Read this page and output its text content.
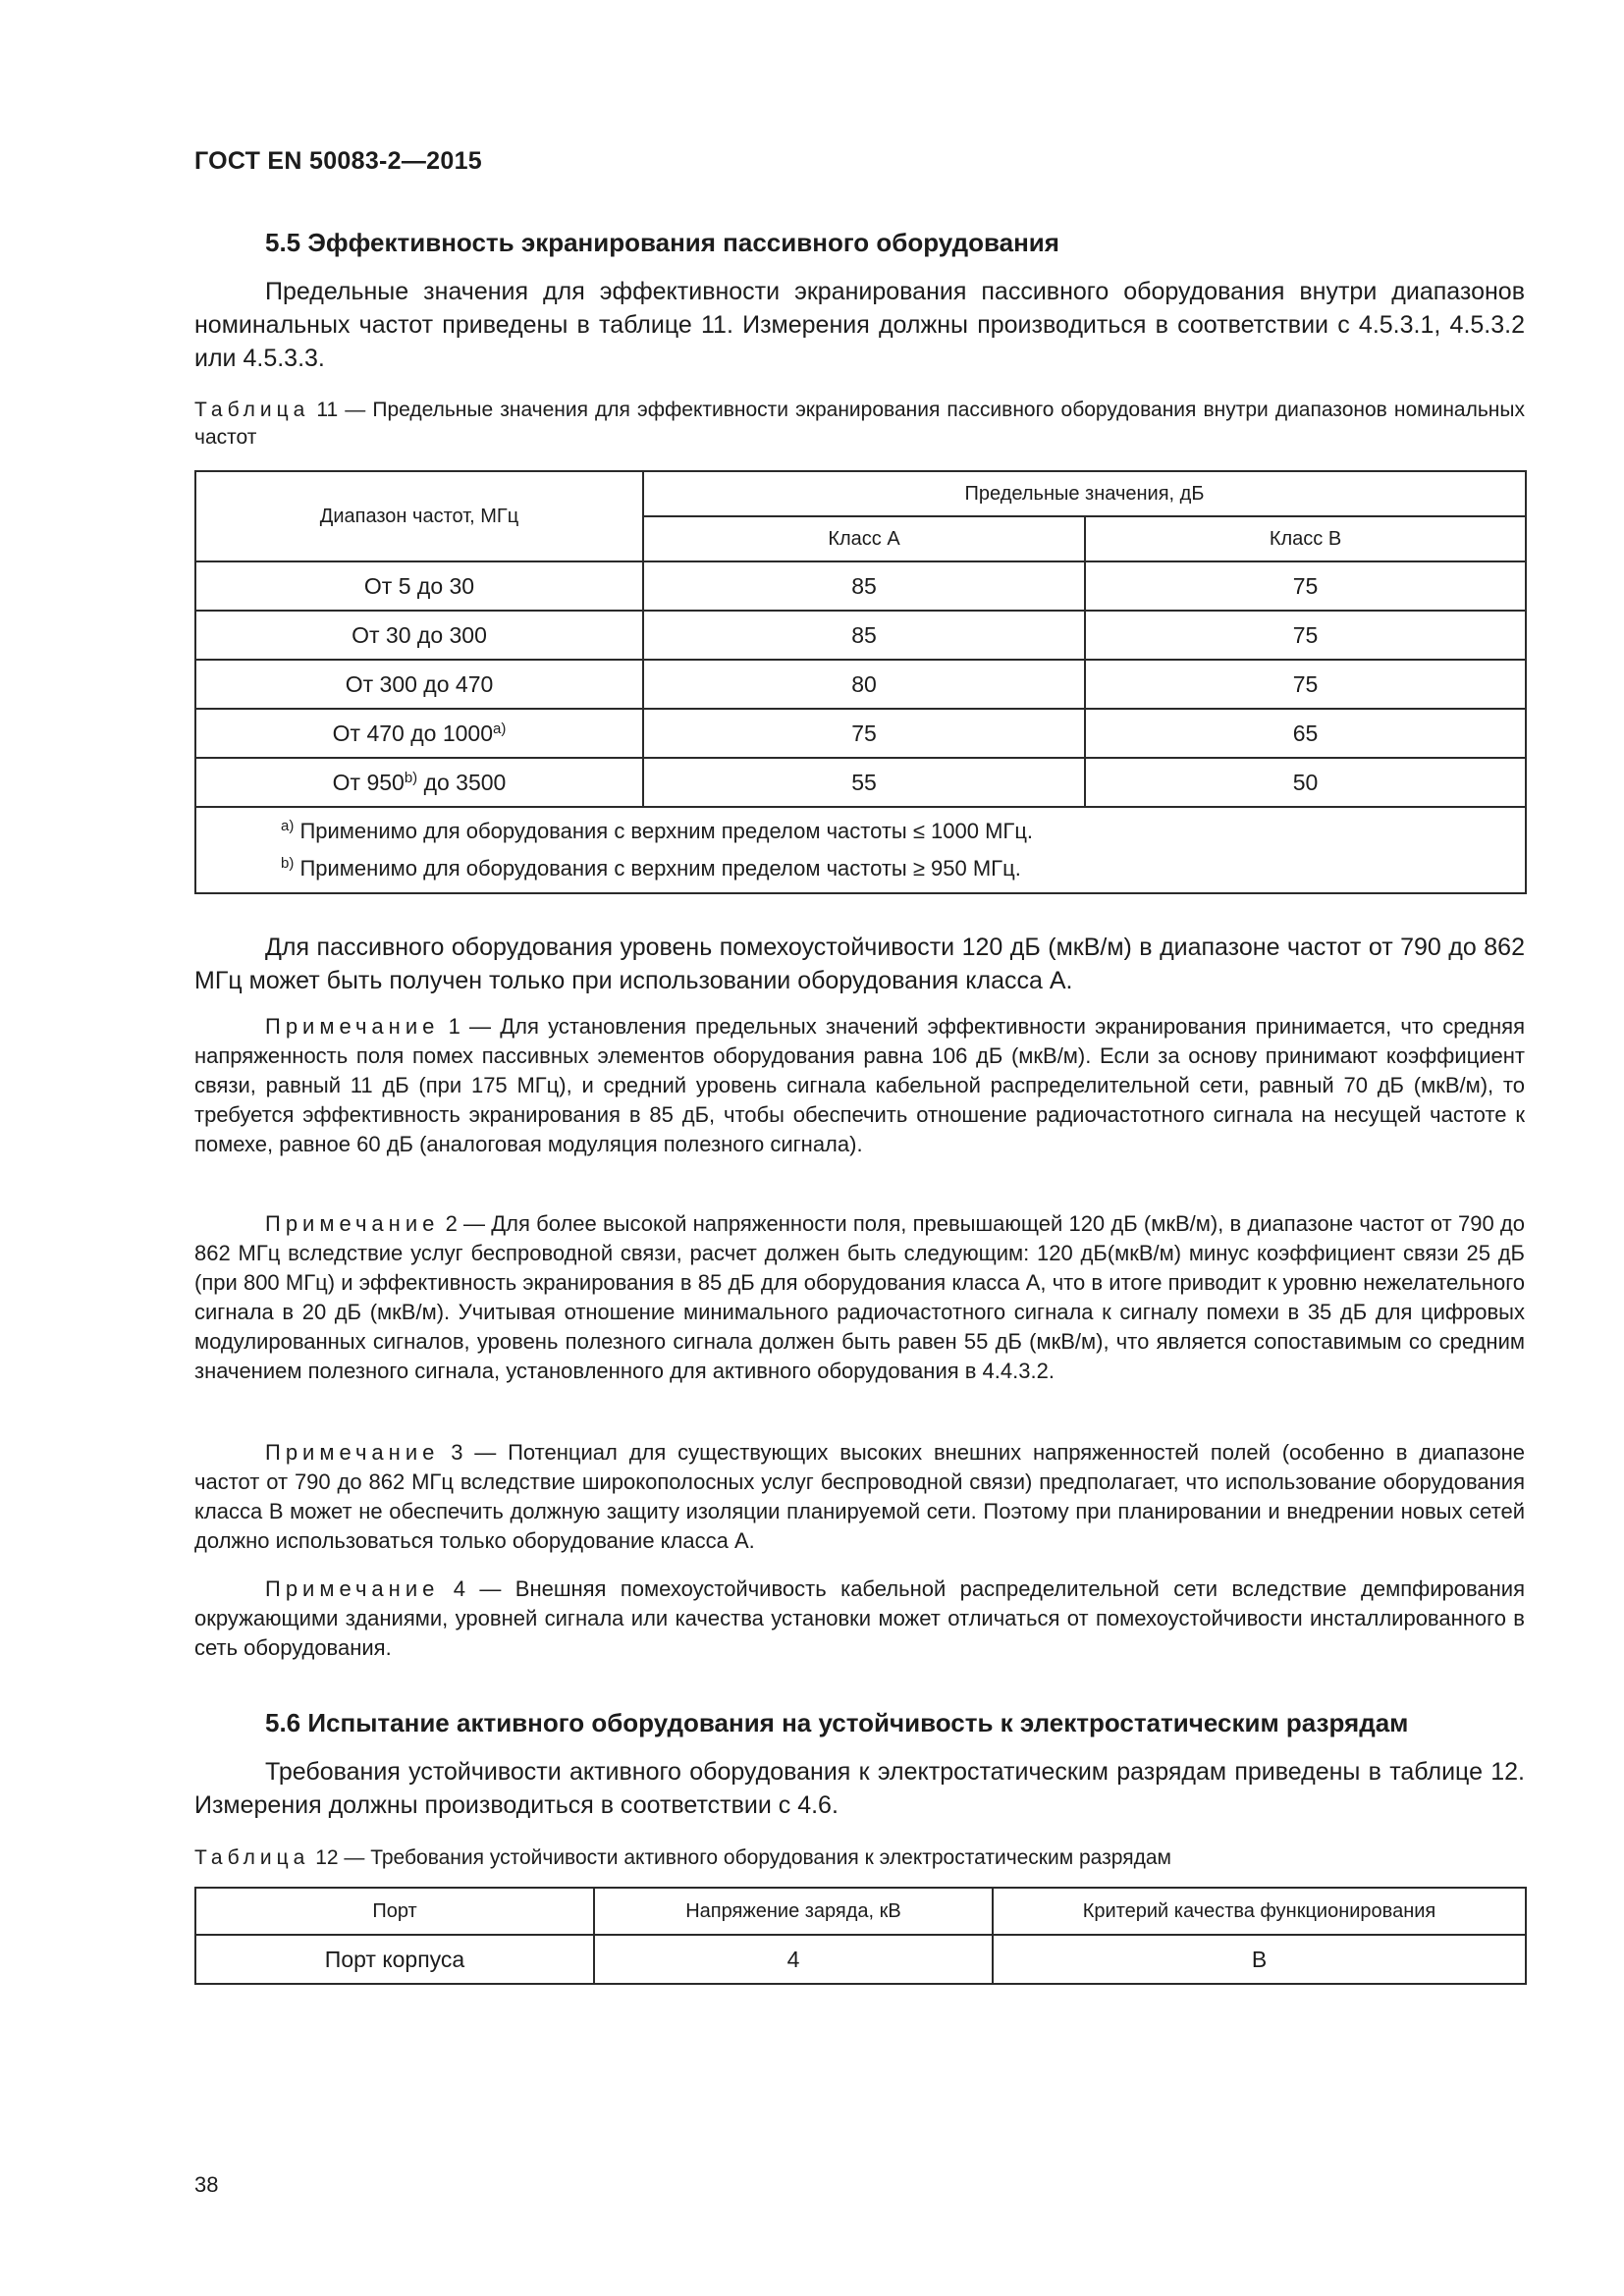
ГОСТ EN 50083-2—2015
5.5 Эффективность экранирования пассивного оборудования
Предельные значения для эффективности экранирования пассивного оборудования внутри диапазонов номинальных частот приведены в таблице 11. Измерения должны производиться в соответствии с 4.5.3.1, 4.5.3.2 или 4.5.3.3.
Таблица 11 — Предельные значения для эффективности экранирования пассивного оборудования внутри диапазонов номинальных частот
Диапазон частот, МГц	Предельные значения, дБ	
	Класс A	Класс B
От 5 до 30	85	75
От 30 до 300	85	75
От 300 до 470	80	75
От 470 до 1000$^{a)}$	75	65
От 950$^{b)}$ до 3500	55	50

$^{a)}$ Применимо для оборудования с верхним пределом частоты ≤ 1000 МГц.
$^{b)}$ Применимо для оборудования с верхним пределом частоты ≥ 950 МГц.		
Для пассивного оборудования уровень помехоустойчивости 120 дБ (мкВ/м) в диапазоне частот от 790 до 862 МГц может быть получен только при использовании оборудования класса А.
Примечание 1 — Для установления предельных значений эффективности экранирования принимается, что средняя напряженность поля помех пассивных элементов оборудования равна 106 дБ (мкВ/м). Если за основу принимают коэффициент связи, равный 11 дБ (при 175 МГц), и средний уровень сигнала кабельной распределительной сети, равный 70 дБ (мкВ/м), то требуется эффективность экранирования в 85 дБ, чтобы обеспечить отношение радиочастотного сигнала на несущей частоте к помехе, равное 60 дБ (аналоговая модуляция полезного сигнала).
Примечание 2 — Для более высокой напряженности поля, превышающей 120 дБ (мкВ/м), в диапазоне частот от 790 до 862 МГц вследствие услуг беспроводной связи, расчет должен быть следующим: 120 дБ(мкВ/м) минус коэффициент связи 25 дБ (при 800 МГц) и эффективность экранирования в 85 дБ для оборудования класса А, что в итоге приводит к уровню нежелательного сигнала в 20 дБ (мкВ/м). Учитывая отношение минимального радиочастотного сигнала к сигналу помехи в 35 дБ для цифровых модулированных сигналов, уровень полезного сигнала должен быть равен 55 дБ (мкВ/м), что является сопоставимым со средним значением полезного сигнала, установленного для активного оборудования в 4.4.3.2.
Примечание 3 — Потенциал для существующих высоких внешних напряженностей полей (особенно в диапазоне частот от 790 до 862 МГц вследствие широкополосных услуг беспроводной связи) предполагает, что использование оборудования класса В может не обеспечить должную защиту изоляции планируемой сети. Поэтому при планировании и внедрении новых сетей должно использоваться только оборудование класса А.
Примечание 4 — Внешняя помехоустойчивость кабельной распределительной сети вследствие демпфирования окружающими зданиями, уровней сигнала или качества установки может отличаться от помехоустойчивости инсталлированного в сеть оборудования.
5.6 Испытание активного оборудования на устойчивость к электростатическим разрядам
Требования устойчивости активного оборудования к электростатическим разрядам приведены в таблице 12. Измерения должны производиться в соответствии с 4.6.
Таблица 12 — Требования устойчивости активного оборудования к электростатическим разрядам
Порт	Напряжение заряда, кВ	Критерий качества функционирования
Порт корпуса	4	B
38
